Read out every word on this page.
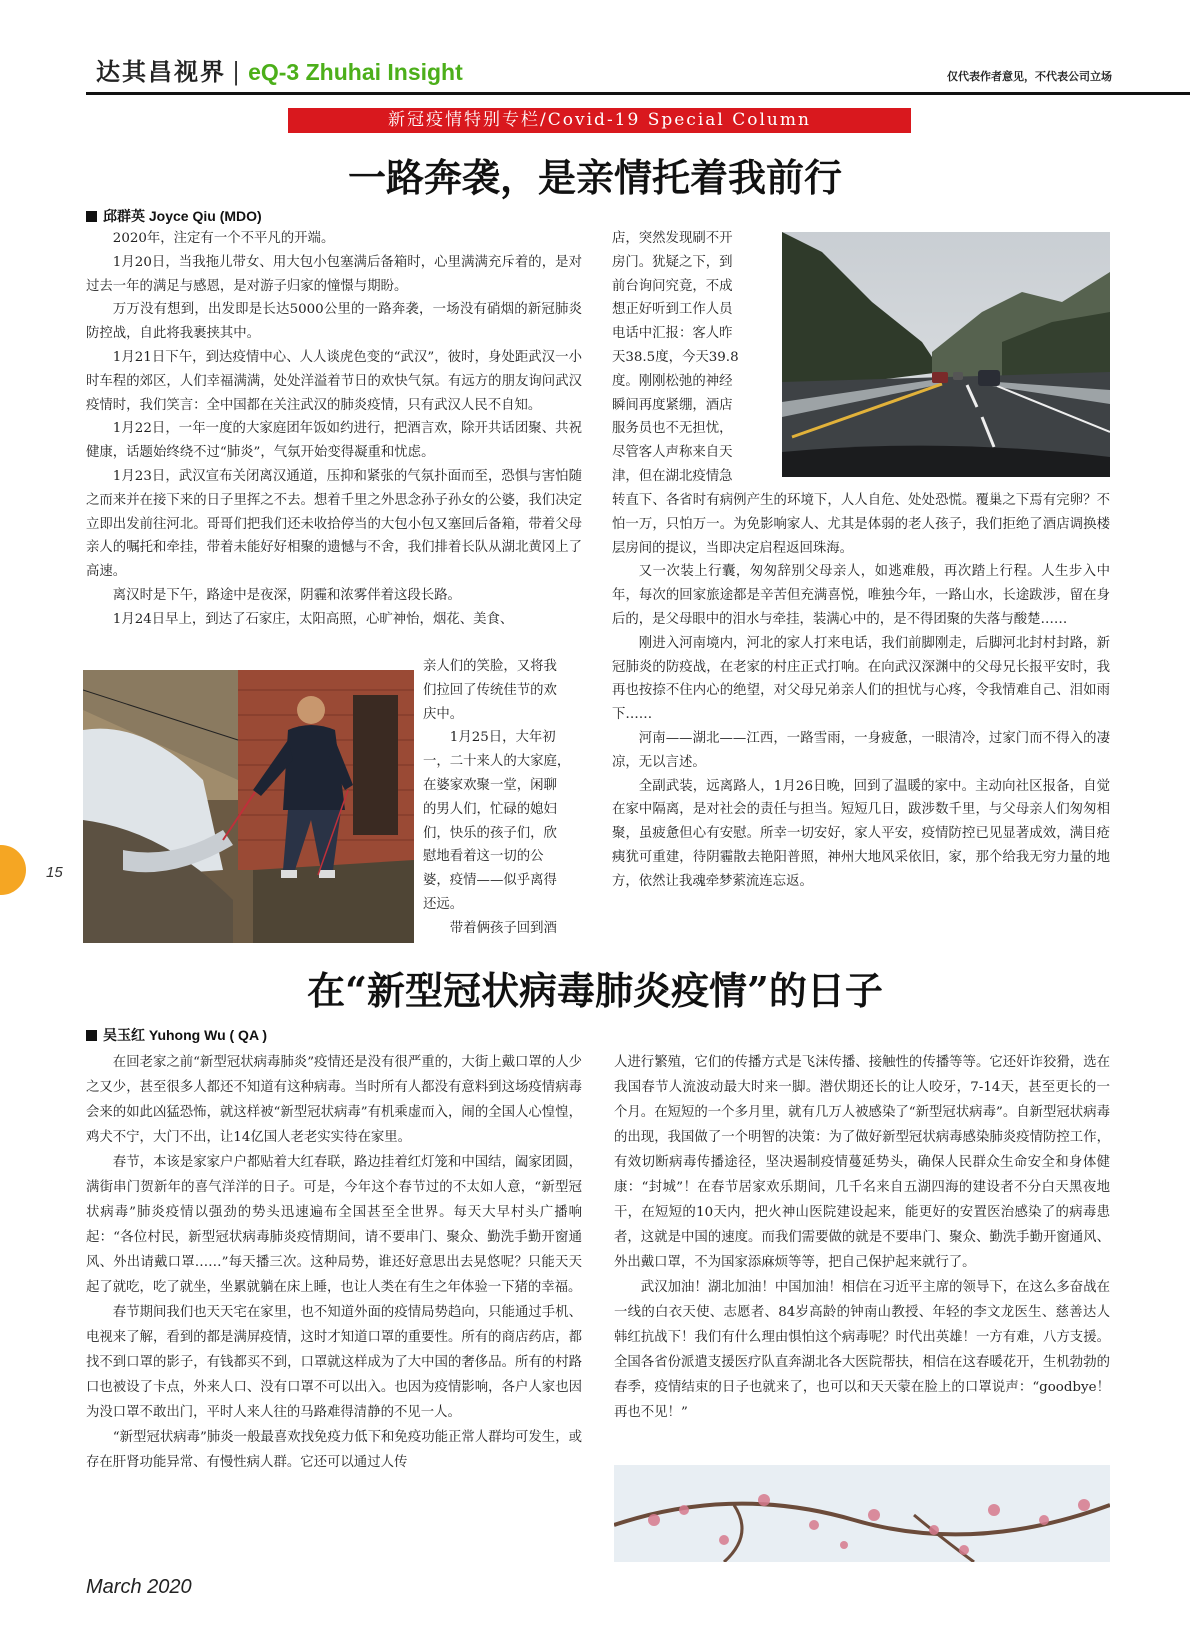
达其昌视界 | eQ-3 Zhuhai Insight	仅代表作者意见，不代表公司立场
新冠疫情特别专栏/Covid-19 Special Column
一路奔袭，是亲情托着我前行
邱群英 Joyce Qiu (MDO)

2020年，注定有一个不平凡的开端。

1月20日，当我拖儿带女、用大包小包塞满后备箱时，心里满满充斥着的，是对过去一年的满足与感恩，是对游子归家的憧憬与期盼。

万万没有想到，出发即是长达5000公里的一路奔袭，一场没有硝烟的新冠肺炎防控战，自此将我裹挟其中。

1月21日下午，到达疫情中心、人人谈虎色变的“武汉”，彼时，身处距武汉一小时车程的郊区，人们幸福满满，处处洋溢着节日的欢快气氛。有远方的朋友询问武汉疫情时，我们笑言：全中国都在关注武汉的肺炎疫情，只有武汉人民不自知。

1月22日，一年一度的大家庭团年饭如约进行，把酒言欢，除开共话团聚、共祝健康，话题始终绕不过“肺炎”，气氛开始变得凝重和忧虑。

1月23日，武汉宣布关闭离汉通道，压抑和紧张的气氛扑面而至，恐惧与害怕随之而来并在接下来的日子里挥之不去。想着千里之外思念孙子孙女的公婆，我们决定立即出发前往河北。哥哥们把我们还未收拾停当的大包小包又塞回后备箱，带着父母亲人的嘱托和牵挂，带着未能好好相聚的遗憾与不舍，我们排着长队从湖北黄冈上了高速。

离汉时是下午，路途中是夜深，阴霾和浓雾伴着这段长路。

1月24日早上，到达了石家庄，太阳高照，心旷神怡，烟花、美食、

亲人们的笑脸，又将我

们拉回了传统佳节的欢

庆中。

1月25日，大年初

一，二十来人的大家庭，

在婆家欢聚一堂，闲聊

的男人们，忙碌的媳妇

们，快乐的孩子们，欣

慰地看着这一切的公

婆，疫情——似乎离得

还远。

带着俩孩子回到酒

店，突然发现刷不开

房门。犹疑之下，到

前台询问究竟，不成

想正好听到工作人员

电话中汇报：客人昨

天38.5度，今天39.8

度。刚刚松弛的神经

瞬间再度紧绷，酒店

服务员也不无担忧，

尽管客人声称来自天

津，但在湖北疫情急

转直下、各省时有病例产生的环境下，人人自危、处处恐慌。覆巢之下焉有完卵？不怕一万，只怕万一。为免影响家人、尤其是体弱的老人孩子，我们拒绝了酒店调换楼层房间的提议，当即决定启程返回珠海。

又一次装上行囊，匆匆辞别父母亲人，如逃难般，再次踏上行程。人生步入中年，每次的回家旅途都是辛苦但充满喜悦，唯独今年，一路山水，长途跋涉，留在身后的，是父母眼中的泪水与牵挂，装满心中的，是不得团聚的失落与酸楚……

刚进入河南境内，河北的家人打来电话，我们前脚刚走，后脚河北封村封路，新冠肺炎的防疫战，在老家的村庄正式打响。在向武汉深渊中的父母兄长报平安时，我再也按捺不住内心的绝望，对父母兄弟亲人们的担忧与心疼，令我情难自己、泪如雨下……

河南——湖北——江西，一路雪雨，一身疲惫，一眼清冷，过家门而不得入的凄凉，无以言述。

全副武装，远离路人，1月26日晚，回到了温暖的家中。主动向社区报备，自觉在家中隔离，是对社会的责任与担当。短短几日，跋涉数千里，与父母亲人们匆匆相聚，虽疲惫但心有安慰。所幸一切安好，家人平安，疫情防控已见显著成效，满目疮痍犹可重建，待阴霾散去艳阳普照，神州大地风采依旧，家，那个给我无穷力量的地方，依然让我魂牵梦萦流连忘返。

在“新型冠状病毒肺炎疫情”的日子
吴玉红 Yuhong Wu ( QA )

在回老家之前“新型冠状病毒肺炎”疫情还是没有很严重的，大街上戴口罩的人少之又少，甚至很多人都还不知道有这种病毒。当时所有人都没有意料到这场疫情病毒会来的如此凶猛恐怖，就这样被“新型冠状病毒”有机乘虚而入，闹的全国人心惶惶，鸡犬不宁，大门不出，让14亿国人老老实实待在家里。

春节，本该是家家户户都贴着大红春联，路边挂着红灯笼和中国结，阖家团圆，满街串门贺新年的喜气洋洋的日子。可是，今年这个春节过的不太如人意，“新型冠状病毒”肺炎疫情以强劲的势头迅速遍布全国甚至全世界。每天大早村头广播响起：“各位村民，新型冠状病毒肺炎疫情期间，请不要串门、聚众、勤洗手勤开窗通风、外出请戴口罩……”每天播三次。这种局势，谁还好意思出去晃悠呢？只能天天起了就吃，吃了就坐，坐累就躺在床上睡，也让人类在有生之年体验一下猪的幸福。

春节期间我们也天天宅在家里，也不知道外面的疫情局势趋向，只能通过手机、电视来了解，看到的都是满屏疫情，这时才知道口罩的重要性。所有的商店药店，都找不到口罩的影子，有钱都买不到，口罩就这样成为了大中国的奢侈品。所有的村路口也被设了卡点，外来人口、没有口罩不可以出入。也因为疫情影响，各户人家也因为没口罩不敢出门，平时人来人往的马路难得清静的不见一人。

“新型冠状病毒”肺炎一般最喜欢找免疫力低下和免疫功能正常人群均可发生，或存在肝肾功能异常、有慢性病人群。它还可以通过人传

人进行繁殖，它们的传播方式是飞沫传播、接触性的传播等等。它还奸诈狡猾，选在我国春节人流波动最大时来一脚。潜伏期还长的让人咬牙，7-14天，甚至更长的一个月。在短短的一个多月里，就有几万人被感染了“新型冠状病毒”。自新型冠状病毒的出现，我国做了一个明智的决策：为了做好新型冠状病毒感染肺炎疫情防控工作，有效切断病毒传播途径，坚决遏制疫情蔓延势头，确保人民群众生命安全和身体健康：“封城”！在春节居家欢乐期间，几千名来自五湖四海的建设者不分白天黑夜地干，在短短的10天内，把火神山医院建设起来，能更好的安置医治感染了的病毒患者，这就是中国的速度。而我们需要做的就是不要串门、聚众、勤洗手勤开窗通风、外出戴口罩，不为国家添麻烦等等，把自己保护起来就行了。

武汉加油！湖北加油！中国加油！相信在习近平主席的领导下，在这么多奋战在一线的白衣天使、志愿者、84岁高龄的钟南山教授、年轻的李文龙医生、慈善达人韩红抗战下！我们有什么理由惧怕这个病毒呢？时代出英雄！一方有难，八方支援。全国各省份派遣支援医疗队直奔湖北各大医院帮扶，相信在这春暖花开，生机勃勃的春季，疫情结束的日子也就来了，也可以和天天蒙在脸上的口罩说声：“goodbye！再也不见！”

15
March 2020
